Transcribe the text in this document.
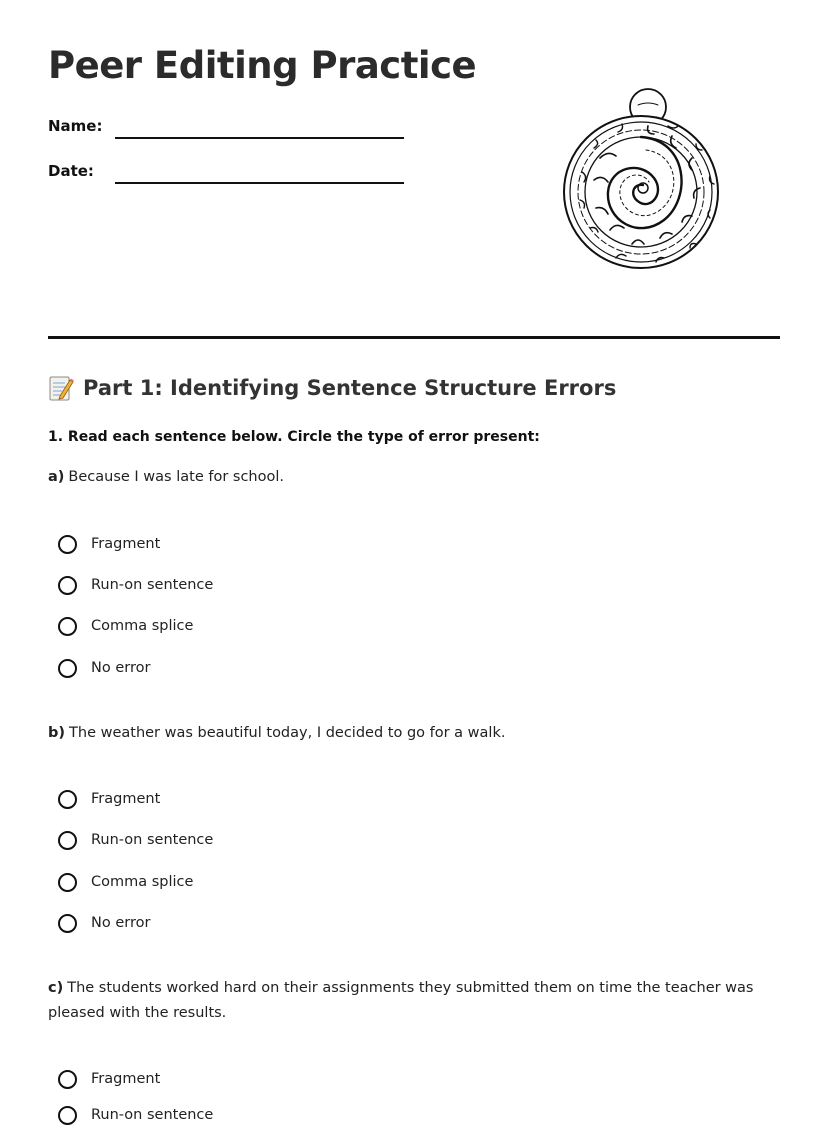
Peer Editing Practice
Name:
Date:
Part 1: Identifying Sentence Structure Errors
1. Read each sentence below. Circle the type of error present:
a) Because I was late for school.
Fragment
Run-on sentence
Comma splice
No error
b) The weather was beautiful today, I decided to go for a walk.
Fragment
Run-on sentence
Comma splice
No error
c) The students worked hard on their assignments they submitted them on time the teacher was pleased with the results.
Fragment
Run-on sentence
